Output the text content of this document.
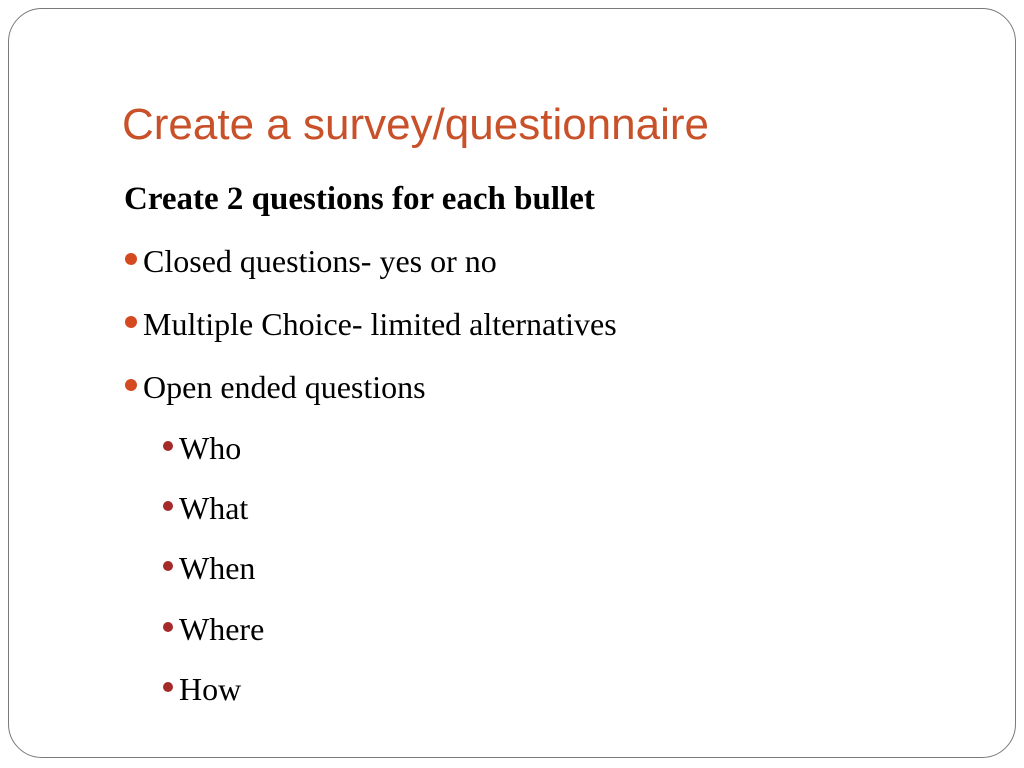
Create a survey/questionnaire
Create 2 questions for each bullet
Closed questions- yes or no
Multiple Choice- limited alternatives
Open ended questions
Who
What
When
Where
How
